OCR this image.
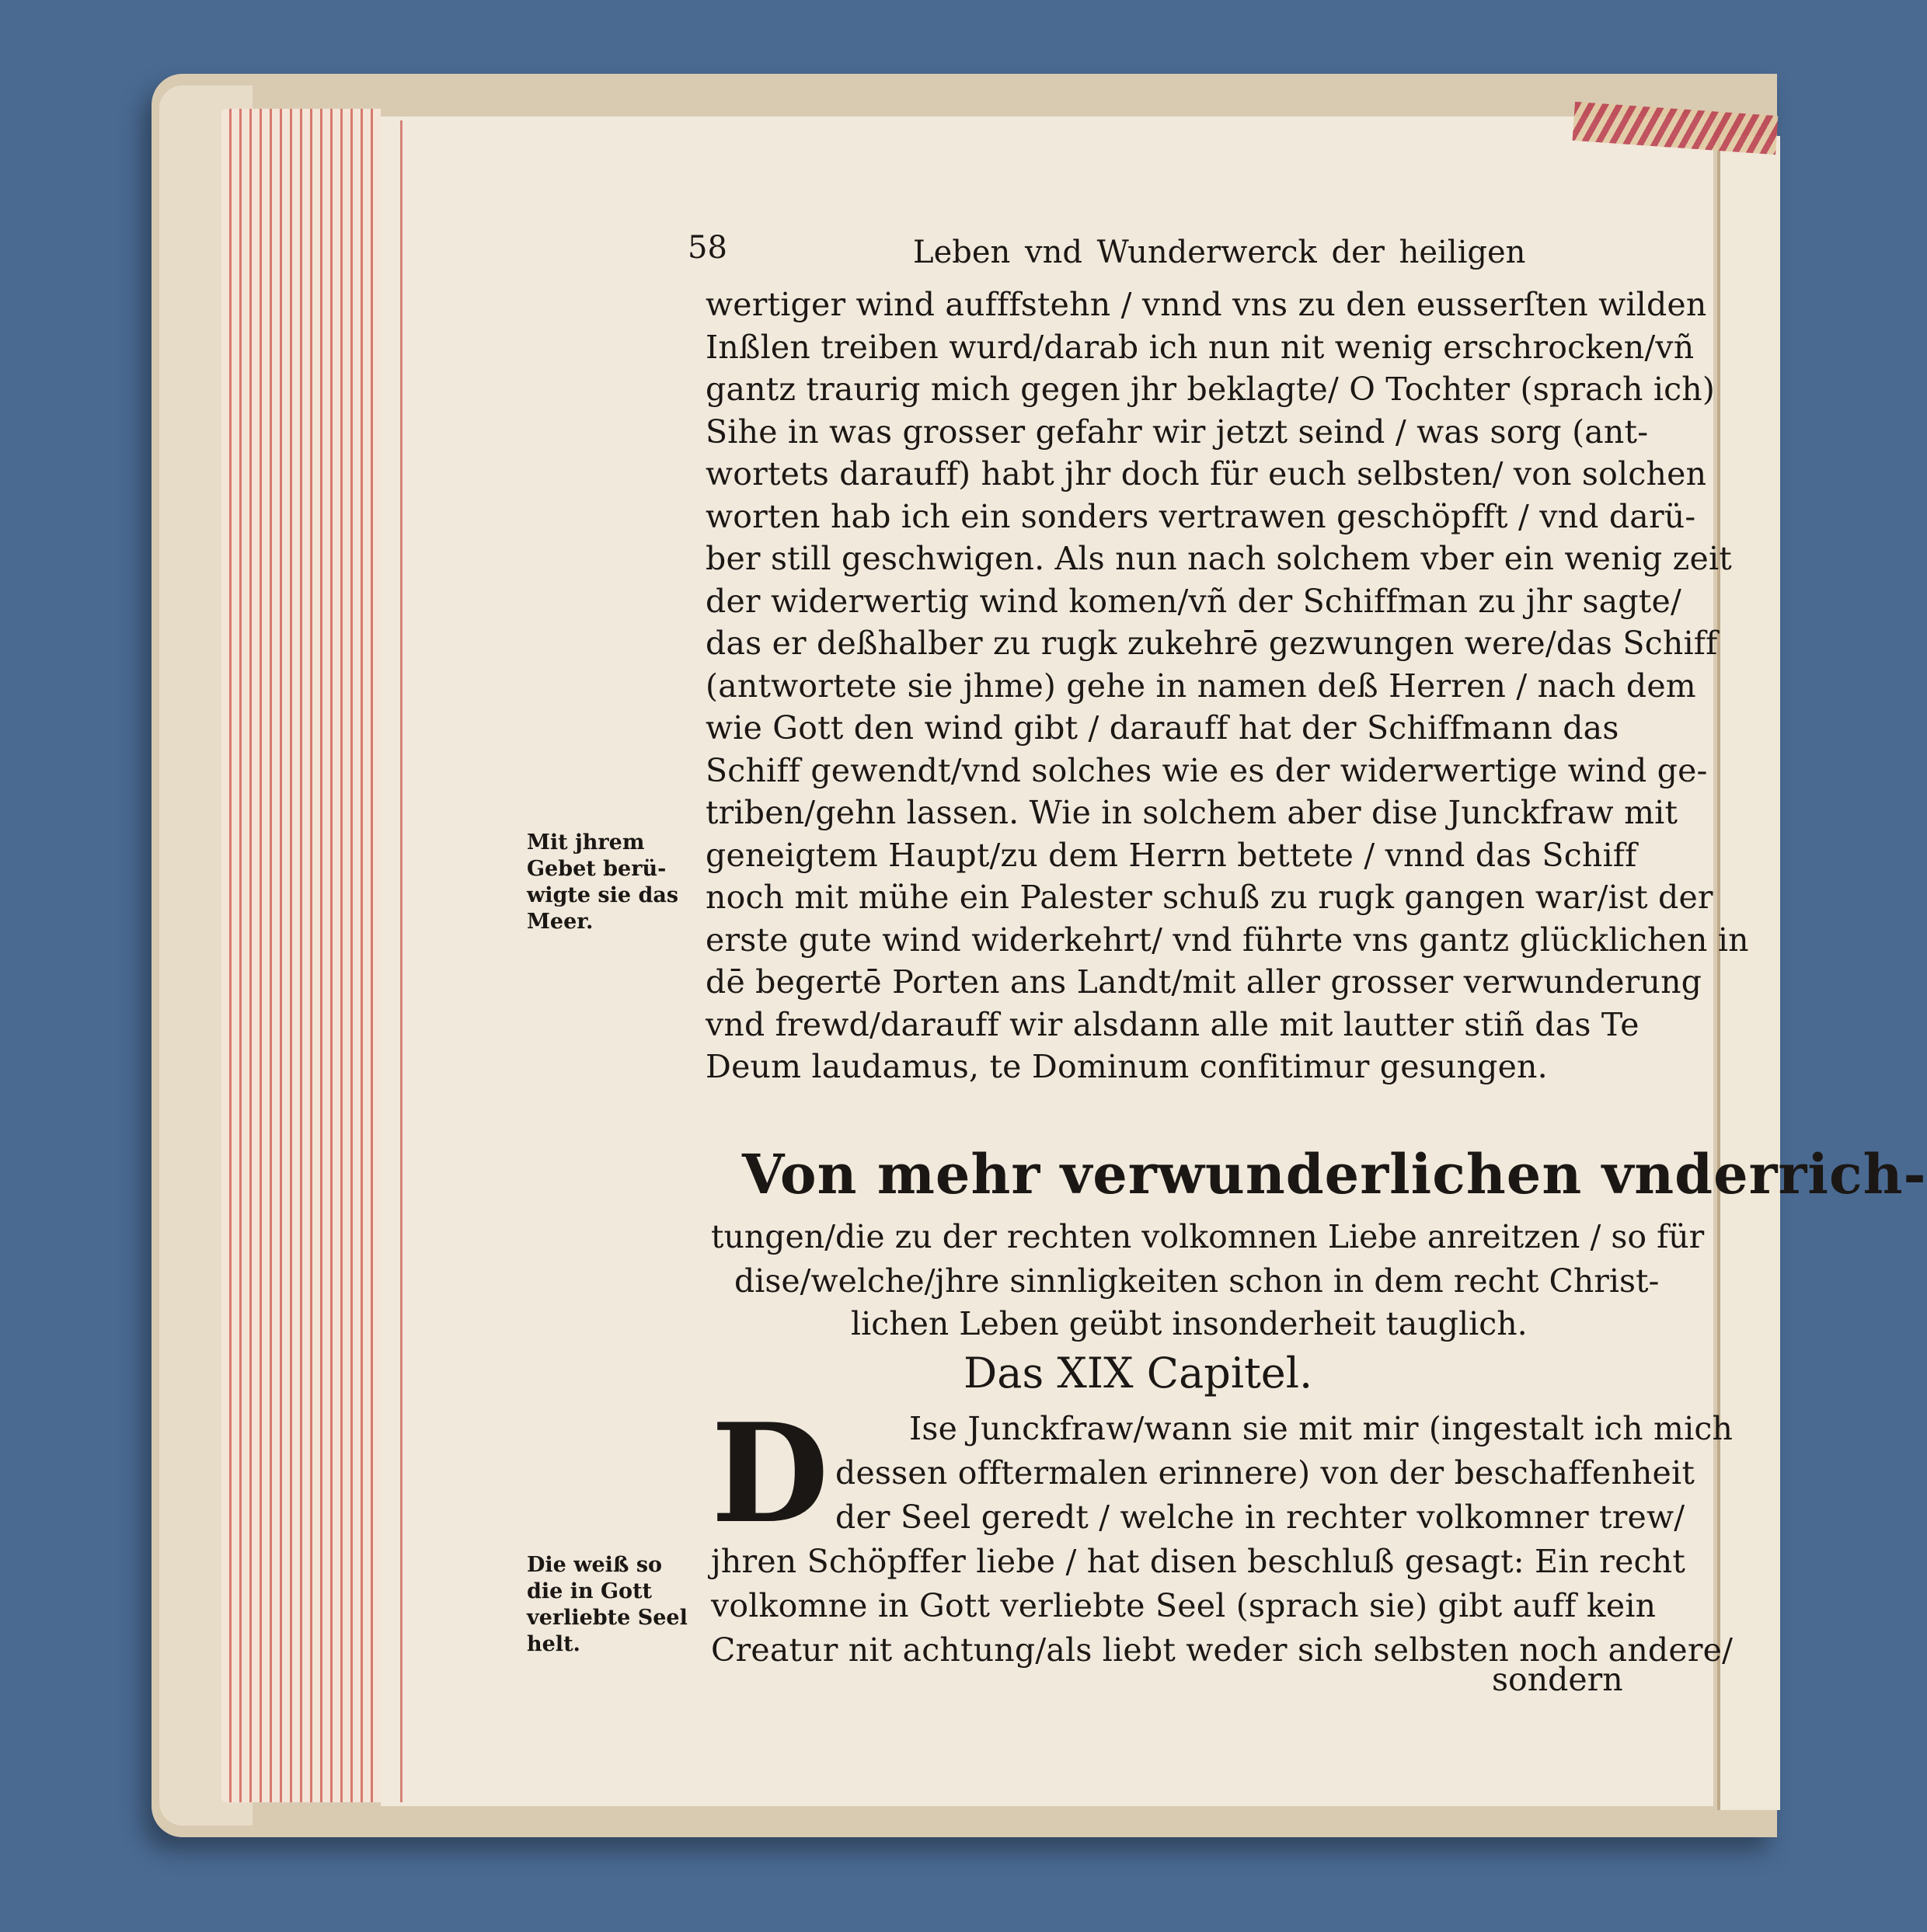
58	Leben vnd Wunderwerck der heiligen
wertiger wind aufffstehn / vnnd vns zu den eusserſten wilden
Inßlen treiben wurd/darab ich nun nit wenig erschrocken/vñ
gantz traurig mich gegen jhr beklagte/ O Tochter (sprach ich)
Sihe in was grosser gefahr wir jetzt seind / was sorg (ant-
wortets darauff) habt jhr doch für euch selbsten/ von solchen
worten hab ich ein sonders vertrawen geschöpfft / vnd darü-
ber still geschwigen. Als nun nach solchem vber ein wenig zeit
der widerwertig wind komen/vñ der Schiffman zu jhr sagte/
das er deßhalber zu rugk zukehrē gezwungen were/das Schiff
(antwortete sie jhme) gehe in namen deß Herren / nach dem
wie Gott den wind gibt / darauff hat der Schiffmann das
Schiff gewendt/vnd solches wie es der widerwertige wind ge-
triben/gehn lassen. Wie in solchem aber dise Junckfraw mit
geneigtem Haupt/zu dem Herrn bettete / vnnd das Schiff
noch mit mühe ein Palester schuß zu rugk gangen war/ist der
erste gute wind widerkehrt/ vnd führte vns gantz glücklichen in
dē begertē Porten ans Landt/mit aller grosser verwunderung
vnd frewd/darauff wir alsdann alle mit lautter stiñ das Te
Deum laudamus, te Dominum confitimur gesungen.
Von mehr verwunderlichen vnderrich-
tungen/die zu der rechten volkomnen Liebe anreitzen / so für
dise/welche/jhre sinnligkeiten schon in dem recht Christ-
lichen Leben geübt insonderheit tauglich.
Das XIX Capitel.
D	Ise Junckfraw/wann sie mit mir (ingestalt ich mich
dessen offtermalen erinnere) von der beschaffenheit
der Seel geredt / welche in rechter volkomner trew/
jhren Schöpffer liebe / hat disen beschluß gesagt: Ein recht
volkomne in Gott verliebte Seel (sprach sie) gibt auff kein
Creatur nit achtung/als liebt weder sich selbsten noch andere/
sondern
Mit jhrem
Gebet berü-
wigte sie das
Meer.
Die weiß so
die in Gott
verliebte Seel
helt.
